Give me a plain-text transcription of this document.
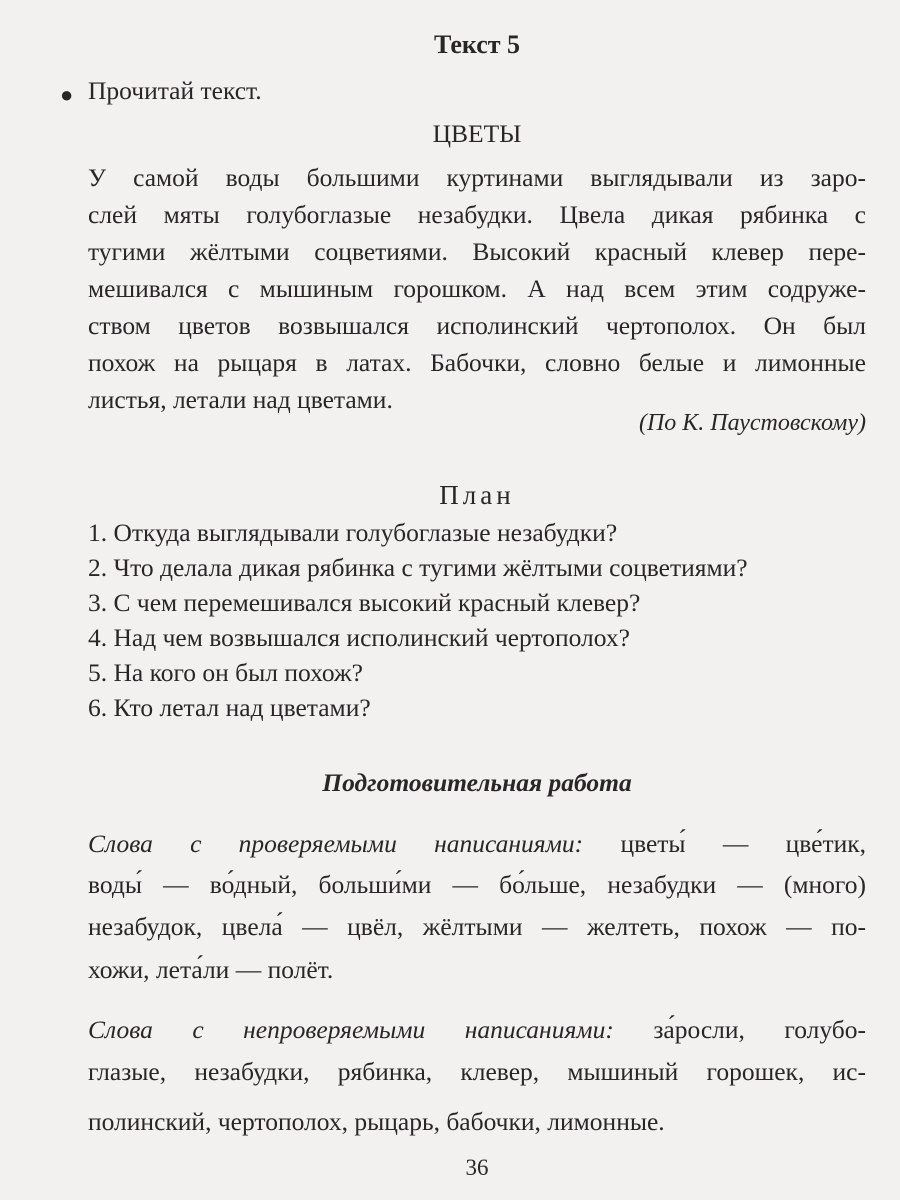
Текст 5
● Прочитай текст.
ЦВЕТЫ
У самой воды большими куртинами выглядывали из зaро-
слей мяты голубоглазые незабудки. Цвела дикая рябинка с
тугими жёлтыми соцветиями. Высокий красный клевер пере-
мешивался с мышиным горошком. А над всем этим содруже-
ством цветов возвышался исполинский чертополох. Он был
похож на рыцаря в латах. Бабочки, словно белые и лимонные
листья, летали над цветами.
(По К. Паустовскому)
План
1. Откуда выглядывали голубоглазые незабудки?
2. Что делала дикая рябинка с тугими жёлтыми соцветиями?
3. С чем перемешивался высокий красный клевер?
4. Над чем возвышался исполинский чертополох?
5. На кого он был похож?
6. Кто летал над цветами?
Подготовительная работа
Слова с проверяемыми написаниями: цветы́ — цве́тик,
воды́ — во́дный, больши́ми — бо́льше, незабудки — (много)
незабудок, цвела́ — цвёл, жёлтыми — желтеть, похож — по-
хожи, лета́ли — полёт.
Слова с непроверяемыми написаниями: за́росли, голубо-
глазые, незабудки, рябинка, клевер, мышиный горошек, ис-
полинский, чертополох, рыцарь, бабочки, лимонные.
36
